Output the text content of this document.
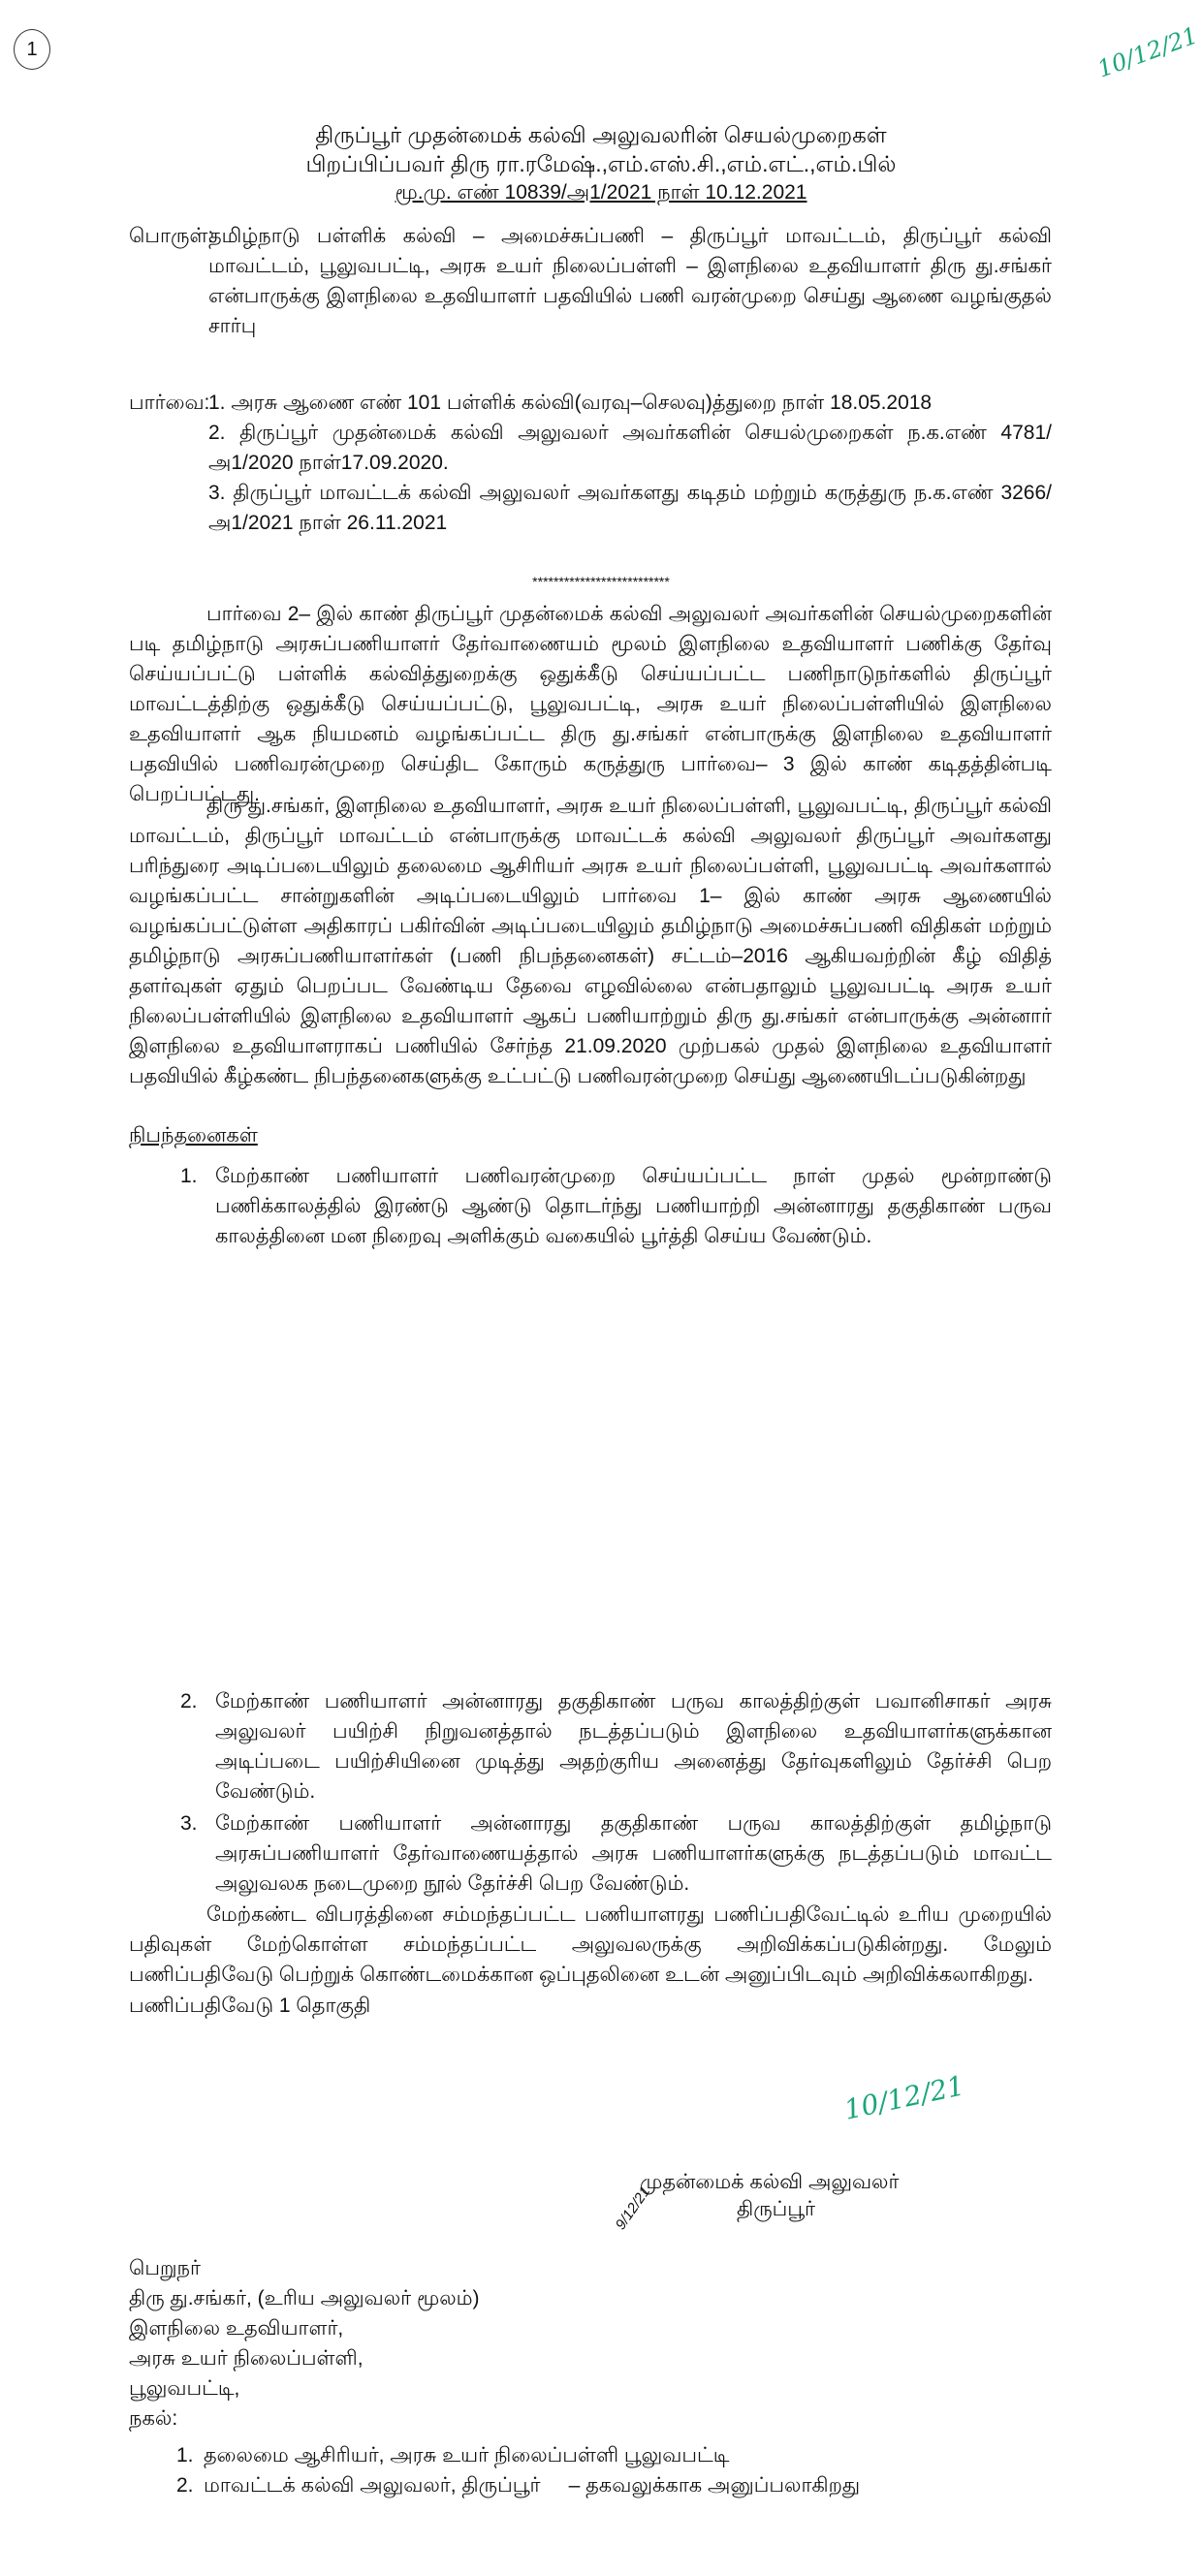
1	10/12/21
திருப்பூர் முதன்மைக் கல்வி அலுவலரின் செயல்முறைகள்
பிறப்பிப்பவர் திரு ரா.ரமேஷ்.,எம்.எஸ்.சி.,எம்.எட்.,எம்.பில்
மூ.மு. எண் 10839/அ1/2021 நாள் 10.12.2021
பொருள்:
தமிழ்நாடு பள்ளிக் கல்வி – அமைச்சுப்பணி – திருப்பூர் மாவட்டம், திருப்பூர் கல்வி மாவட்டம், பூலுவபட்டி, அரசு உயர் நிலைப்பள்ளி – இளநிலை உதவியாளர் திரு து.சங்கர் என்பாருக்கு இளநிலை உதவியாளர் பதவியில் பணி வரன்முறை செய்து ஆணை வழங்குதல் சார்பு
பார்வை:
1. அரசு ஆணை எண் 101 பள்ளிக் கல்வி(வரவு–செலவு)த்துறை நாள் 18.05.2018
2. திருப்பூர் முதன்மைக் கல்வி அலுவலர் அவர்களின் செயல்முறைகள் ந.க.எண் 4781/அ1/2020 நாள்17.09.2020.
3. திருப்பூர் மாவட்டக் கல்வி அலுவலர் அவர்களது கடிதம் மற்றும் கருத்துரு ந.க.எண் 3266/அ1/2021 நாள் 26.11.2021
**************************
பார்வை 2– இல் காண் திருப்பூர் முதன்மைக் கல்வி அலுவலர் அவர்களின் செயல்முறைகளின் படி தமிழ்நாடு அரசுப்பணியாளர் தேர்வாணையம் மூலம் இளநிலை உதவியாளர் பணிக்கு தேர்வு செய்யப்பட்டு பள்ளிக் கல்வித்துறைக்கு ஒதுக்கீடு செய்யப்பட்ட பணிநாடுநர்களில் திருப்பூர் மாவட்டத்திற்கு ஒதுக்கீடு செய்யப்பட்டு, பூலுவபட்டி, அரசு உயர் நிலைப்பள்ளியில் இளநிலை உதவியாளர் ஆக நியமனம் வழங்கப்பட்ட திரு து.சங்கர் என்பாருக்கு இளநிலை உதவியாளர் பதவியில் பணிவரன்முறை செய்திட கோரும் கருத்துரு பார்வை– 3 இல் காண் கடிதத்தின்படி பெறப்பட்டது.
திரு து.சங்கர், இளநிலை உதவியாளர், அரசு உயர் நிலைப்பள்ளி, பூலுவபட்டி, திருப்பூர் கல்வி மாவட்டம், திருப்பூர் மாவட்டம் என்பாருக்கு மாவட்டக் கல்வி அலுவலர் திருப்பூர் அவர்களது பரிந்துரை அடிப்படையிலும் தலைமை ஆசிரியர் அரசு உயர் நிலைப்பள்ளி, பூலுவபட்டி அவர்களால் வழங்கப்பட்ட சான்றுகளின் அடிப்படையிலும் பார்வை 1– இல் காண் அரசு ஆணையில் வழங்கப்பட்டுள்ள அதிகாரப் பகிர்வின் அடிப்படையிலும் தமிழ்நாடு அமைச்சுப்பணி விதிகள் மற்றும் தமிழ்நாடு அரசுப்பணியாளர்கள் (பணி நிபந்தனைகள்) சட்டம்–2016 ஆகியவற்றின் கீழ் விதித் தளர்வுகள் ஏதும் பெறப்பட வேண்டிய தேவை எழவில்லை என்பதாலும் பூலுவபட்டி அரசு உயர் நிலைப்பள்ளியில் இளநிலை உதவியாளர் ஆகப் பணியாற்றும் திரு து.சங்கர் என்பாருக்கு அன்னார் இளநிலை உதவியாளராகப் பணியில் சேர்ந்த 21.09.2020 முற்பகல் முதல் இளநிலை உதவியாளர் பதவியில் கீழ்கண்ட நிபந்தனைகளுக்கு உட்பட்டு பணிவரன்முறை செய்து ஆணையிடப்படுகின்றது
நிபந்தனைகள்
1. மேற்காண் பணியாளர் பணிவரன்முறை செய்யப்பட்ட நாள் முதல் மூன்றாண்டு பணிக்காலத்தில் இரண்டு ஆண்டு தொடர்ந்து பணியாற்றி அன்னாரது தகுதிகாண் பருவ காலத்தினை மன நிறைவு அளிக்கும் வகையில் பூர்த்தி செய்ய வேண்டும்.
2. மேற்காண் பணியாளர் அன்னாரது தகுதிகாண் பருவ காலத்திற்குள் பவானிசாகர் அரசு அலுவலர் பயிற்சி நிறுவனத்தால் நடத்தப்படும் இளநிலை உதவியாளர்களுக்கான அடிப்படை பயிற்சியினை முடித்து அதற்குரிய அனைத்து தேர்வுகளிலும் தேர்ச்சி பெற வேண்டும்.
3. மேற்காண் பணியாளர் அன்னாரது தகுதிகாண் பருவ காலத்திற்குள் தமிழ்நாடு அரசுப்பணியாளர் தேர்வாணையத்தால் அரசு பணியாளர்களுக்கு நடத்தப்படும் மாவட்ட அலுவலக நடைமுறை நூல் தேர்ச்சி பெற வேண்டும்.
மேற்கண்ட விபரத்தினை சம்மந்தப்பட்ட பணியாளரது பணிப்பதிவேட்டில் உரிய முறையில் பதிவுகள் மேற்கொள்ள சம்மந்தப்பட்ட அலுவலருக்கு அறிவிக்கப்படுகின்றது. மேலும் பணிப்பதிவேடு பெற்றுக் கொண்டமைக்கான ஒப்புதலினை உடன் அனுப்பிடவும் அறிவிக்கலாகிறது.
பணிப்பதிவேடு 1 தொகுதி
10/12/21
முதன்மைக் கல்வி அலுவலர்
திருப்பூர்
9/12/21
பெறுநர்
திரு து.சங்கர், (உரிய அலுவலர் மூலம்)
இளநிலை உதவியாளர்,
அரசு உயர் நிலைப்பள்ளி,
பூலுவபட்டி,
நகல்:
1. தலைமை ஆசிரியர், அரசு உயர் நிலைப்பள்ளி பூலுவபட்டி
2. மாவட்டக் கல்வி அலுவலர், திருப்பூர்     – தகவலுக்காக அனுப்பலாகிறது
